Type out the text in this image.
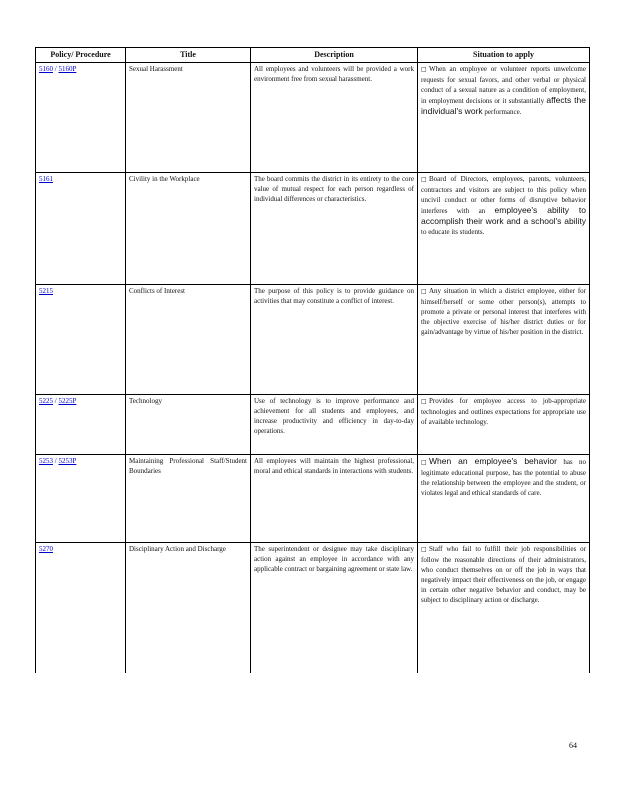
Policy/ Procedure	Title	Description	Situation to apply
5160 / 5160P	Sexual Harassment	All employees and volunteers will be provided a work environment free from sexual harassment.	□ When an employee or volunteer reports unwelcome requests for sexual favors, and other verbal or physical conduct of a sexual nature as a condition of employment, in employment decisions or it substantially affects the individual's work performance.
5161	Civility in the Workplace	The board commits the district in its entirety to the core value of mutual respect for each person regardless of individual differences or characteristics.	□ Board of Directors, employees, parents, volunteers, contractors and visitors are subject to this policy when uncivil conduct or other forms of disruptive behavior interferes with an employee's ability to accomplish their work and a school's ability to educate its students.
5215	Conflicts of Interest	The purpose of this policy is to provide guidance on activities that may constitute a conflict of interest.	□ Any situation in which a district employee, either for himself/herself or some other person(s), attempts to promote a private or personal interest that interferes with the objective exercise of his/her district duties or for gain/advantage by virtue of his/her position in the district.
5225 / 5225P	Technology	Use of technology is to improve performance and achievement for all students and employees, and increase productivity and efficiency in day-to-day operations.	□ Provides for employee access to job-appropriate technologies and outlines expectations for appropriate use of available technology.
5253 / 5253P	Maintaining Professional Staff/Student Boundaries	All employees will maintain the highest professional, moral and ethical standards in interactions with students.	□ When an employee's behavior has no legitimate educational purpose, has the potential to abuse the relationship between the employee and the student, or violates legal and ethical standards of care.
5270	Disciplinary Action and Discharge	The superintendent or designee may take disciplinary action against an employee in accordance with any applicable contract or bargaining agreement or state law.	□ Staff who fail to fulfill their job responsibilities or follow the reasonable directions of their administrators, who conduct themselves on or off the job in ways that negatively impact their effectiveness on the job, or engage in certain other negative behavior and conduct, may be subject to disciplinary action or discharge.
64
